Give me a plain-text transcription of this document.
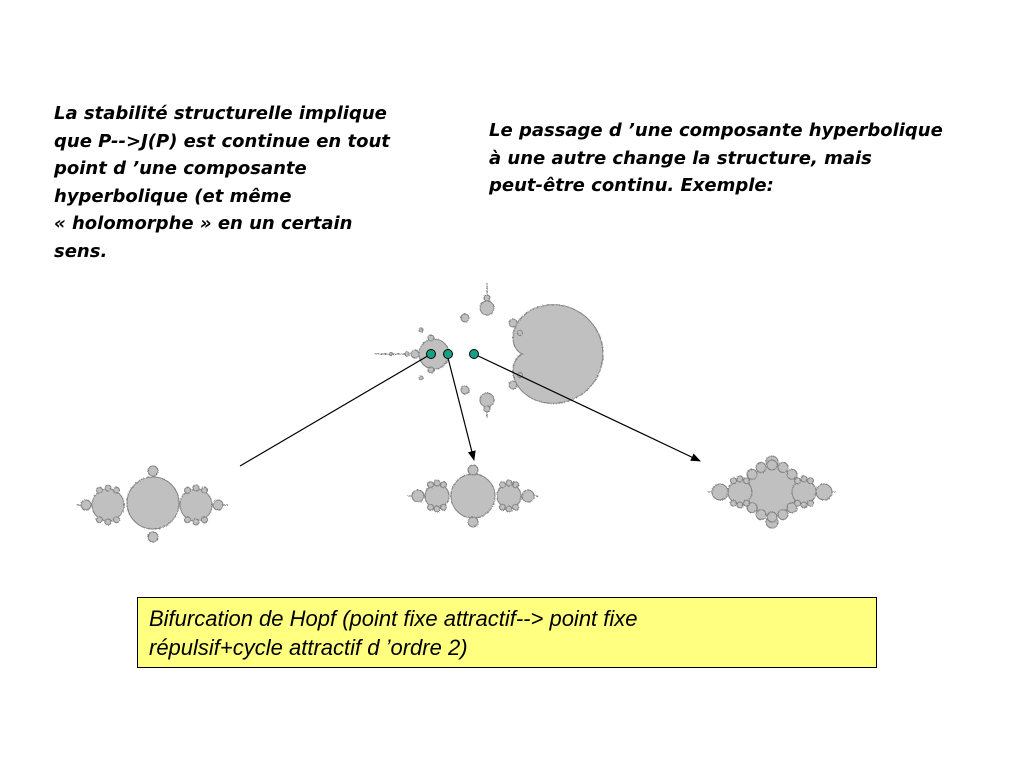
La stabilité structurelle implique
que P-->J(P) est continue en tout
point d ’une composante
hyperbolique (et même
« holomorphe » en un certain
sens.
Le passage d ’une composante hyperbolique
à une autre change la structure, mais
peut-être continu. Exemple:
Bifurcation de Hopf (point fixe attractif--> point fixe
répulsif+cycle attractif d ’ordre 2)
